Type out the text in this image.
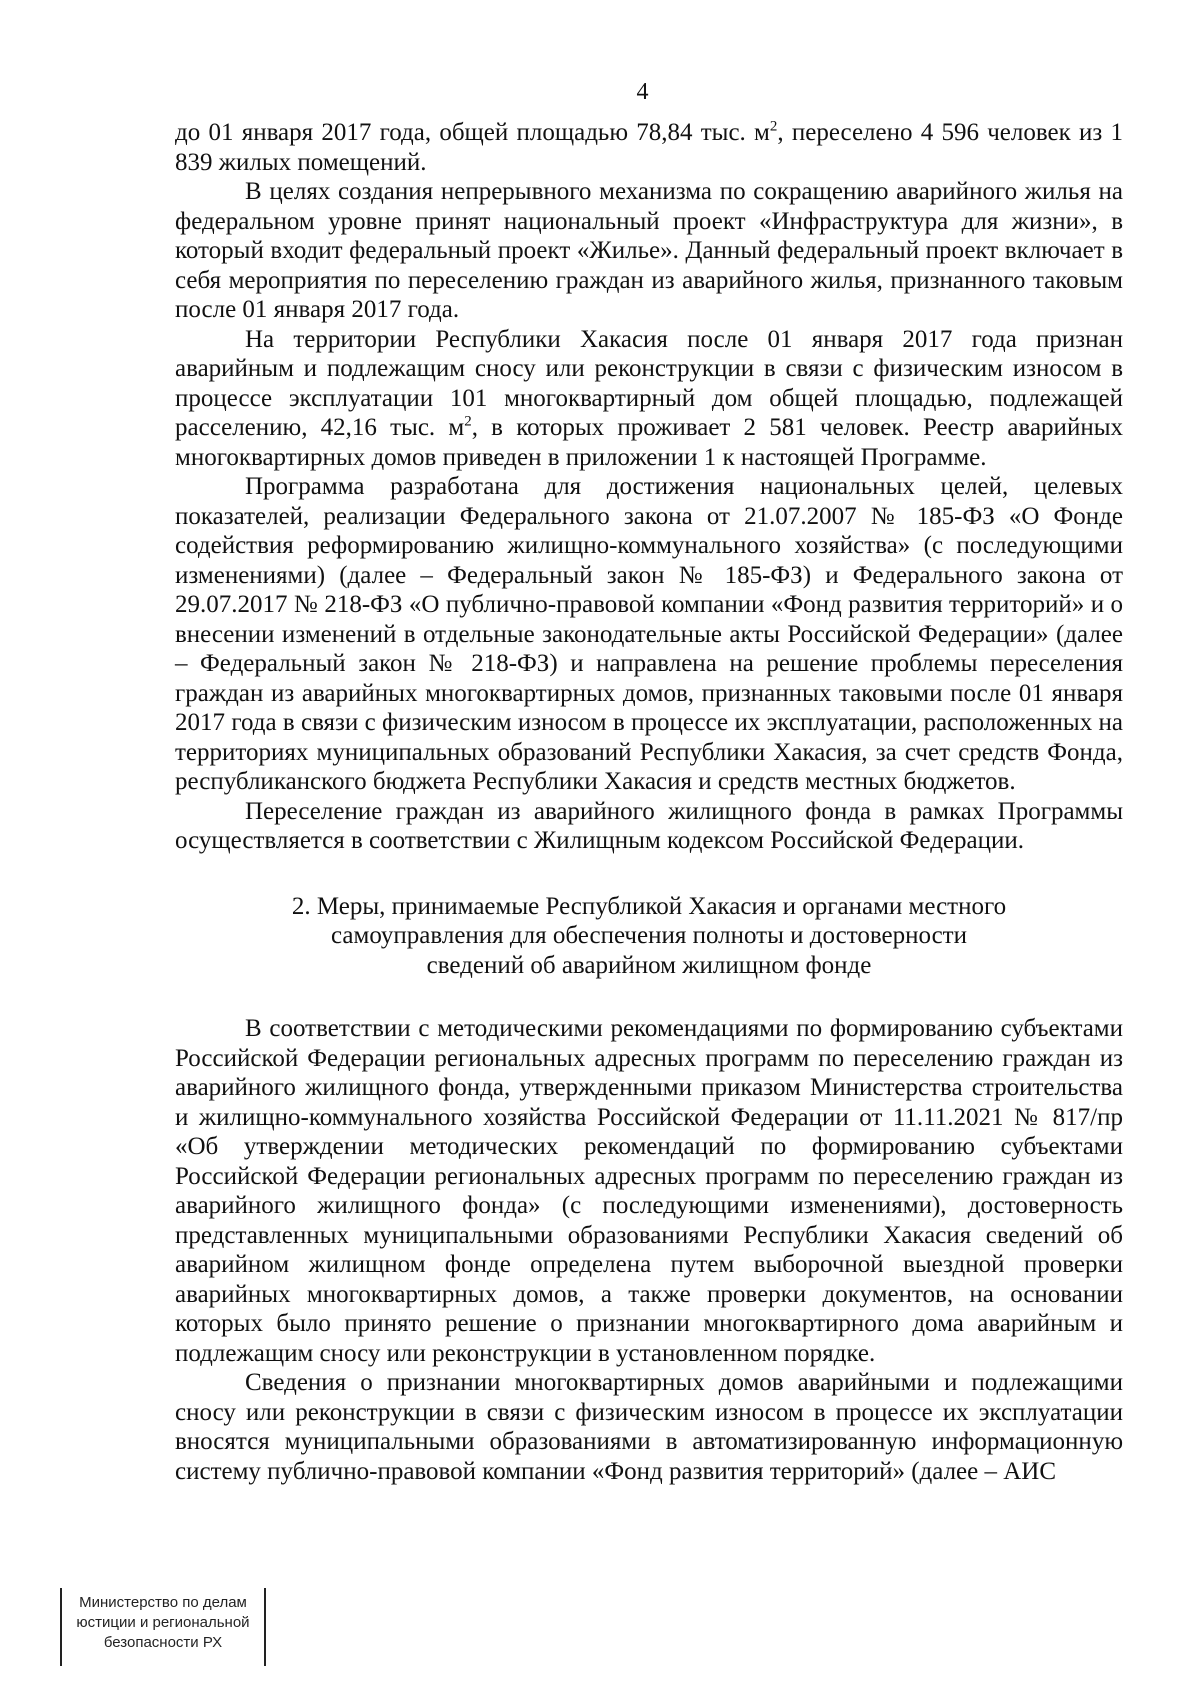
4

до 01 января 2017 года, общей площадью 78,84 тыс. $м^2$, переселено 4 596 человек из 1 839 жилых помещений.

В целях создания непрерывного механизма по сокращению аварийного жилья на федеральном уровне принят национальный проект «Инфраструктура для жизни», в который входит федеральный проект «Жилье». Данный федеральный проект включает в себя мероприятия по переселению граждан из аварийного жилья, признанного таковым после 01 января 2017 года.

На территории Республики Хакасия после 01 января 2017 года признан аварийным и подлежащим сносу или реконструкции в связи с физическим износом в процессе эксплуатации 101 многоквартирный дом общей площадью, подлежащей расселению, 42,16 тыс. $м^2$, в которых проживает 2 581 человек. Реестр аварийных многоквартирных домов приведен в приложении 1 к настоящей Программе.

Программа разработана для достижения национальных целей, целевых показателей, реализации Федерального закона от 21.07.2007 № 185-ФЗ «О Фонде содействия реформированию жилищно-коммунального хозяйства» (с последующими изменениями) (далее – Федеральный закон № 185-ФЗ) и Федерального закона от 29.07.2017 № 218-ФЗ «О публично-правовой компании «Фонд развития территорий» и о внесении изменений в отдельные законодательные акты Российской Федерации» (далее – Федеральный закон № 218-ФЗ) и направлена на решение проблемы переселения граждан из аварийных многоквартирных домов, признанных таковыми после 01 января 2017 года в связи с физическим износом в процессе их эксплуатации, расположенных на территориях муниципальных образований Республики Хакасия, за счет средств Фонда, республиканского бюджета Республики Хакасия и средств местных бюджетов.

Переселение граждан из аварийного жилищного фонда в рамках Программы осуществляется в соответствии с Жилищным кодексом Российской Федерации.

2. Меры, принимаемые Республикой Хакасия и органами местного
самоуправления для обеспечения полноты и достоверности
сведений об аварийном жилищном фонде

В соответствии с методическими рекомендациями по формированию субъектами Российской Федерации региональных адресных программ по переселению граждан из аварийного жилищного фонда, утвержденными приказом Министерства строительства и жилищно-коммунального хозяйства Российской Федерации от 11.11.2021 № 817/пр «Об утверждении методических рекомендаций по формированию субъектами Российской Федерации региональных адресных программ по переселению граждан из аварийного жилищного фонда» (с последующими изменениями), достоверность представленных муниципальными образованиями Республики Хакасия сведений об аварийном жилищном фонде определена путем выборочной выездной проверки аварийных многоквартирных домов, а также проверки документов, на основании которых было принято решение о признании многоквартирного дома аварийным и подлежащим сносу или реконструкции в установленном порядке.

Сведения о признании многоквартирных домов аварийными и подлежащими сносу или реконструкции в связи с физическим износом в процессе их эксплуатации вносятся муниципальными образованиями в автоматизированную информационную систему публично-правовой компании «Фонд развития территорий» (далее – АИС

Министерство по делам
юстиции и региональной
безопасности РХ
